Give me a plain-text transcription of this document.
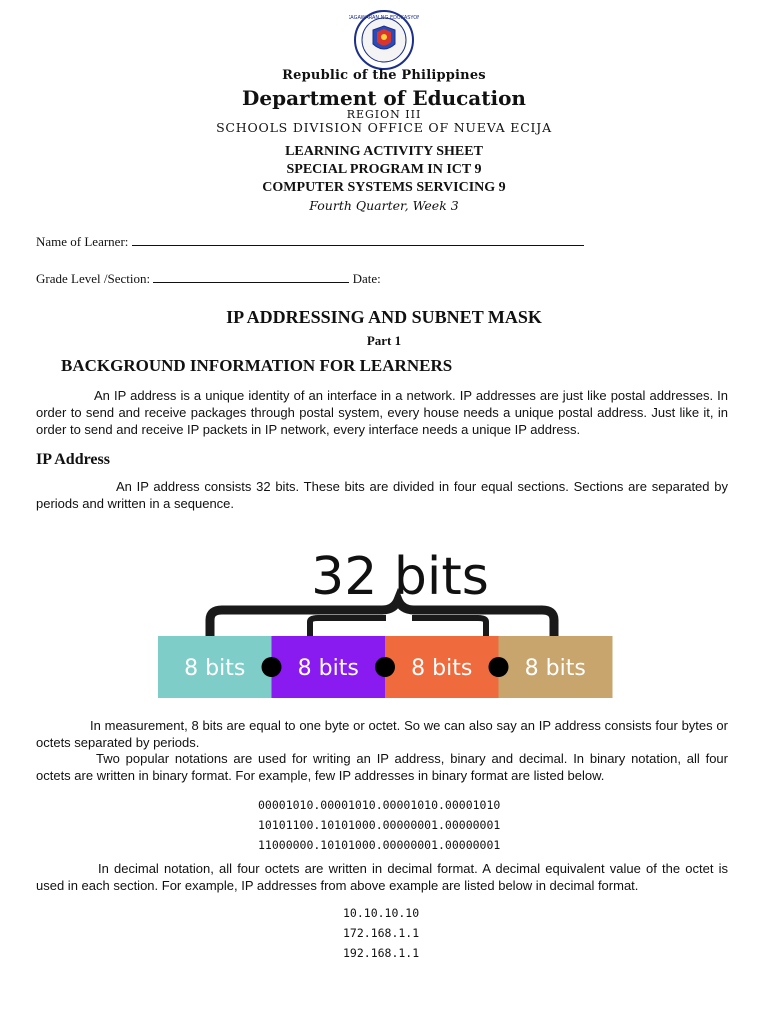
KAGAWARAN NG EDUKASYON
Republic of the Philippines
Department of Education
REGION III
SCHOOLS DIVISION OFFICE OF NUEVA ECIJA
LEARNING ACTIVITY SHEET
SPECIAL PROGRAM IN ICT 9
COMPUTER SYSTEMS SERVICING 9
Fourth Quarter, Week 3
Name of Learner:
Grade Level /Section:	Date:
IP ADDRESSING AND SUBNET MASK
Part 1
BACKGROUND INFORMATION FOR LEARNERS
An IP address is a unique identity of an interface in a network. IP addresses are just like postal addresses. In order to send and receive packages through postal system, every house needs a unique postal address. Just like it, in order to send and receive IP packets in IP network, every interface needs a unique IP address.
IP Address
An IP address consists 32 bits. These bits are divided in four equal sections. Sections are separated by periods and written in a sequence.
32 bits
8 bits 8 bits 8 bits 8 bits
In measurement, 8 bits are equal to one byte or octet. So we can also say an IP address consists four bytes or octets separated by periods.
Two popular notations are used for writing an IP address, binary and decimal. In binary notation, all four octets are written in binary format. For example, few IP addresses in binary format are listed below.
00001010.00001010.00001010.00001010
10101100.10101000.00000001.00000001
11000000.10101000.00000001.00000001
In decimal notation, all four octets are written in decimal format. A decimal equivalent value of the octet is used in each section. For example, IP addresses from above example are listed below in decimal format.
10.10.10.10
172.168.1.1
192.168.1.1
